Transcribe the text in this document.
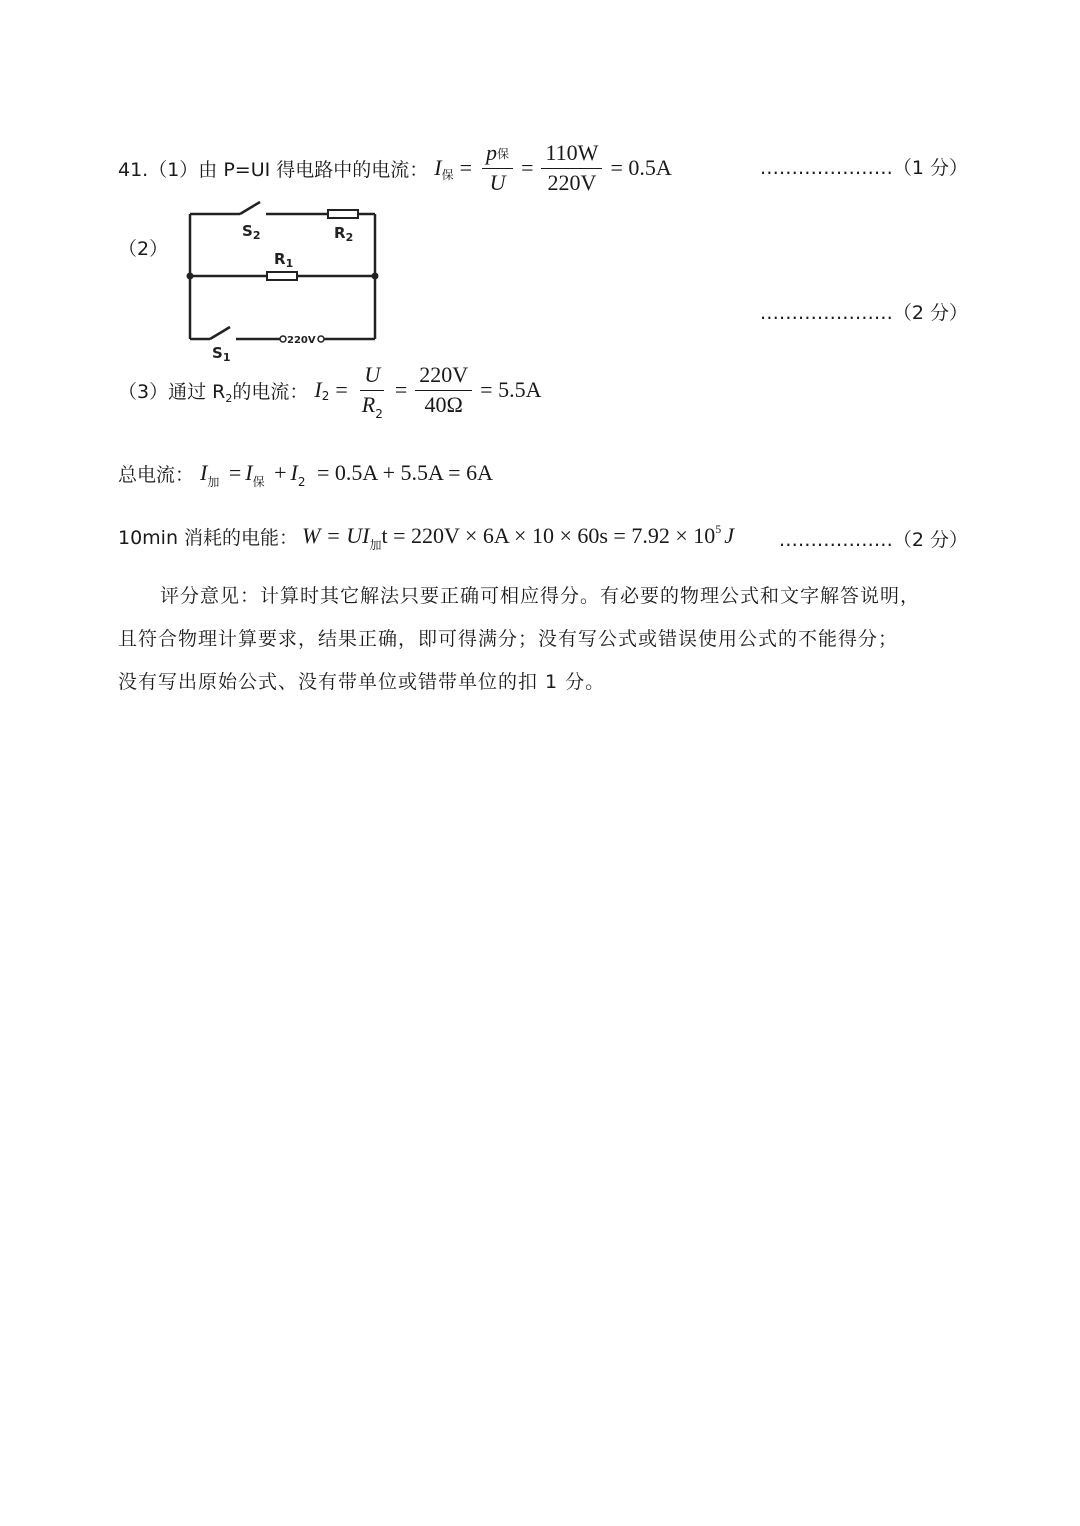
41.（1）由 P=UI 得电路中的电流： I 保 = $\frac{\text{p保}}{U} = \frac{110W}{220V} = 0.5A$	…………………（1 分）
（2）
$S_2$	$R_2$
$R_1$
$S_1$
220V
…………………（2 分）
（3）通过 $R_2$的电流： I $2 = \frac{U}{R_2} = \frac{220V}{40\Omega} = 5.5A$
总电流： $I_加 = I_保 + I_2 = 0.5A + 5.5A = 6A$
10min 消耗的电能： $W = UI_加t = 220V \times 6A \times 10 \times 60s = 7.92 \times 10^5$ J ………………（2 分）
评分意见：计算时其它解法只要正确可相应得分。有必要的物理公式和文字解答说明，
且符合物理计算要求，结果正确，即可得满分；没有写公式或错误使用公式的不能得分；
没有写出原始公式、没有带单位或错带单位的扣 1 分。
